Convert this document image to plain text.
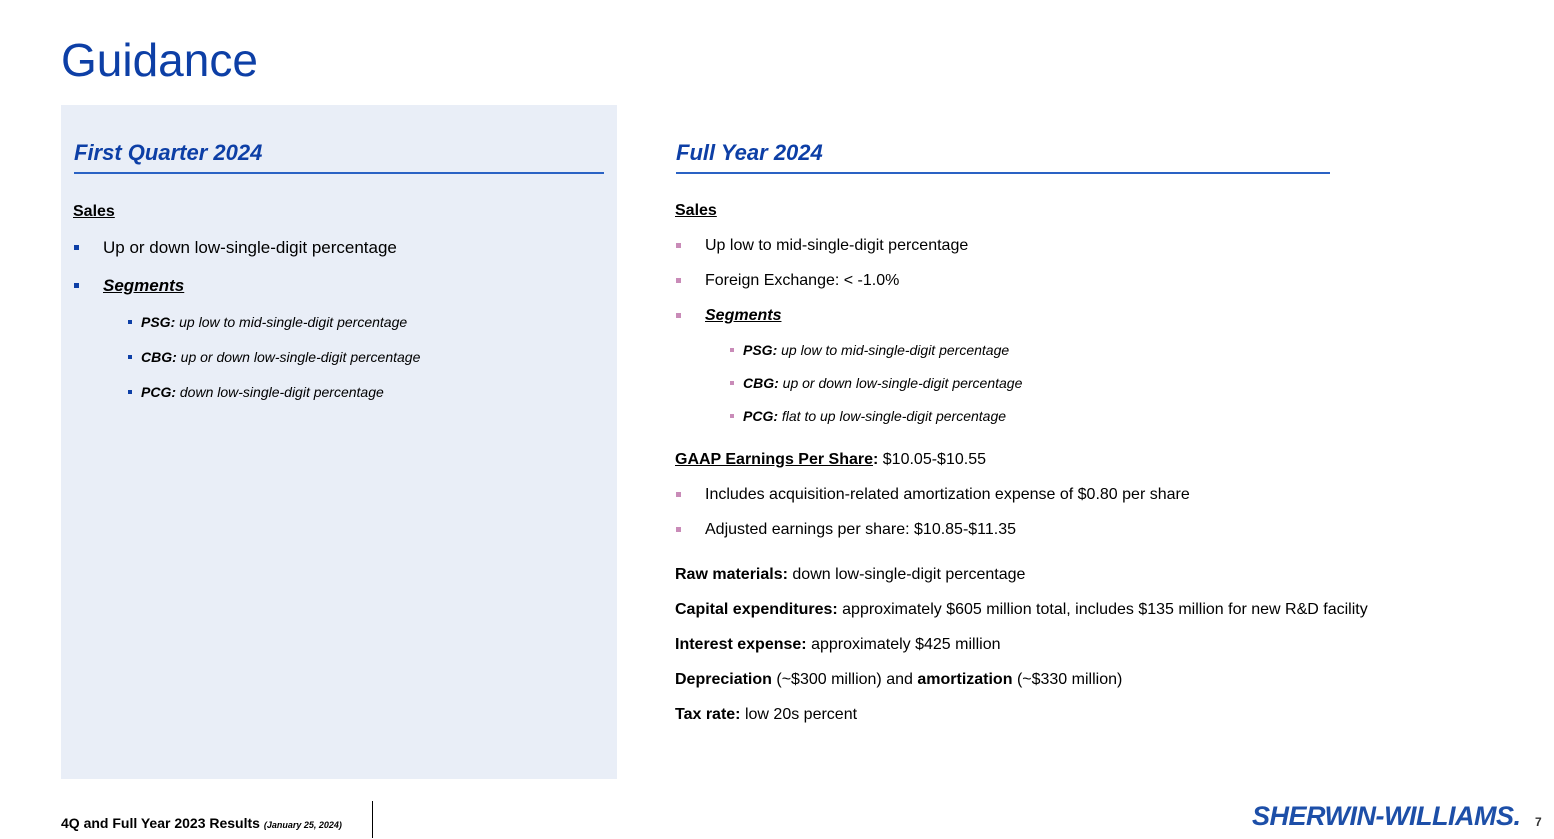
Guidance
First Quarter 2024
Sales
Up or down low-single-digit percentage
Segments
PSG: up low to mid-single-digit percentage
CBG: up or down low-single-digit percentage
PCG: down low-single-digit percentage
Full Year 2024
Sales
Up low to mid-single-digit percentage
Foreign Exchange: < -1.0%
Segments
PSG: up low to mid-single-digit percentage
CBG: up or down low-single-digit percentage
PCG: flat to up low-single-digit percentage
GAAP Earnings Per Share: $10.05-$10.55
Includes acquisition-related amortization expense of $0.80 per share
Adjusted earnings per share: $10.85-$11.35
Raw materials: down low-single-digit percentage
Capital expenditures: approximately $605 million total, includes $135 million for new R&D facility
Interest expense: approximately $425 million
Depreciation (~$300 million) and amortization (~$330 million)
Tax rate: low 20s percent
4Q and Full Year 2023 Results (January 25, 2024)	SHERWIN-WILLIAMS. 7
